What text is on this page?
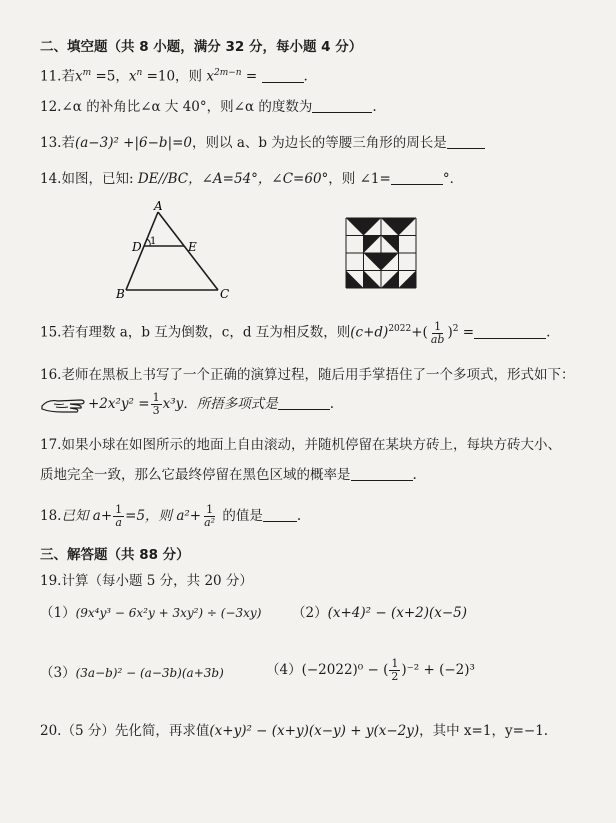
二、填空题（共 8 小题，满分 32 分，每小题 4 分）
11.若$x^m =5$，$x^n =10$，则 $x^{2m-n}$ =	.
12.∠α 的补角比∠α 大 40°，则∠α 的度数为	.
13.若(a−3)² +|6−b|=0，则以 a、b 为边长的等腰三角形的周长是
14.如图，已知: DE//BC，∠A=54°，∠C=60°，则 ∠1=	°．
A
B	C
D	E
1
15.若有理数 a，b 互为倒数，c，d 互为相反数，则$(c+d)^{2022}+( \frac{1}{ab} )^2$ =	.
16.老师在黑板上书写了一个正确的演算过程，随后用手掌捂住了一个多项式，形式如下：
$+2x^2y^2 = \frac{1}{3} x^3y$．所捂多项式是	.
17.如果小球在如图所示的地面上自由滚动，并随机停留在某块方砖上，每块方砖大小、
质地完全一致，那么它最终停留在黑色区域的概率是	.
18.已知 $a+ \frac{1}{a} =5$，则 $a^2+ \frac{1}{\text{a²}}$ 的值是	.
三、解答题（共 88 分）
19.计算（每小题 5 分，共 20 分）
（1）(9x⁴y³ − 6x²y + 3xy²) ÷ (−3xy)	（2）(x+4)² − (x+2)(x−5)
（3）(3a−b)² − (a−3b)(a+3b)	（4）(−2022)⁰ − ( $\frac{1}{2} )^{-2} + (-2)^3$
20.（5 分）先化简，再求值(x+y)² − (x+y)(x−y) + y(x−2y)，其中 x=1，y=−1.
